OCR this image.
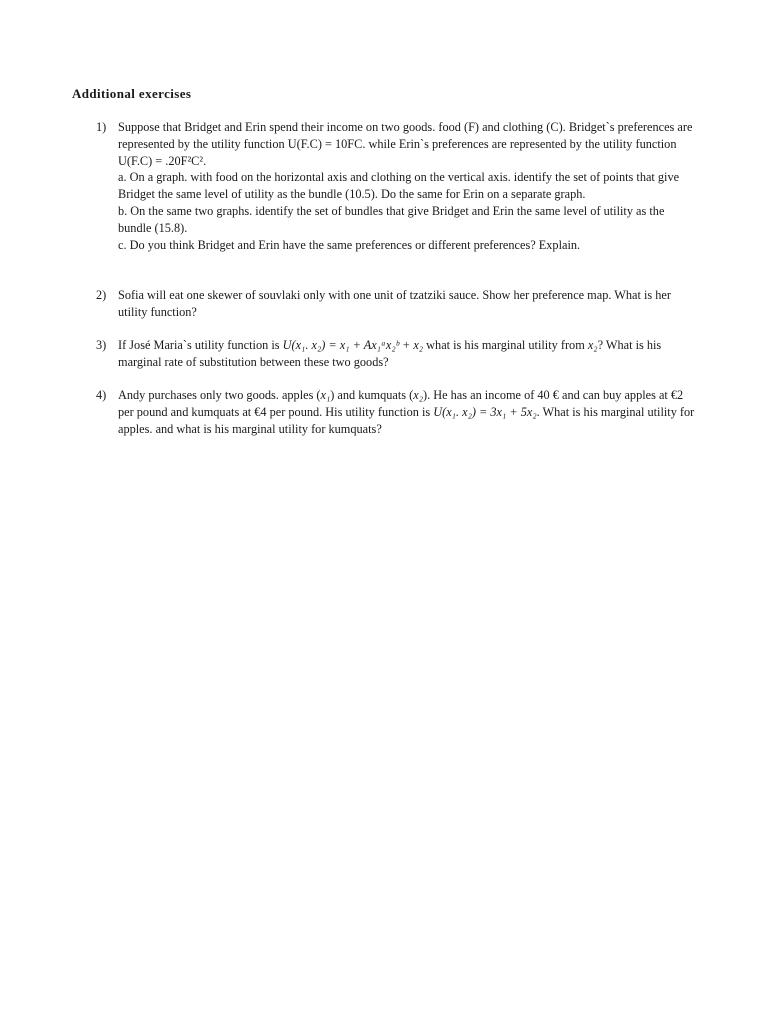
Additional exercises
1) Suppose that Bridget and Erin spend their income on two goods. food (F) and clothing (C). Bridget`s preferences are represented by the utility function U(F.C) = 10FC. while Erin`s preferences are represented by the utility function U(F.C) = .20F²C².

a. On a graph. with food on the horizontal axis and clothing on the vertical axis. identify the set of points that give Bridget the same level of utility as the bundle (10.5). Do the same for Erin on a separate graph.

b. On the same two graphs. identify the set of bundles that give Bridget and Erin the same level of utility as the bundle (15.8).

c. Do you think Bridget and Erin have the same preferences or different preferences? Explain.

2) Sofia will eat one skewer of souvlaki only with one unit of tzatziki sauce. Show her preference map. What is her utility function?

3) If José Maria`s utility function is U(x₁. x₂) = x₁ + Ax₁ᵃx₂ᵇ + x₂ what is his marginal utility from x₂? What is his marginal rate of substitution between these two goods?

4) Andy purchases only two goods. apples (x₁) and kumquats (x₂). He has an income of 40 € and can buy apples at €2 per pound and kumquats at €4 per pound. His utility function is U(x₁. x₂) = 3x₁ + 5x₂. What is his marginal utility for apples. and what is his marginal utility for kumquats?
